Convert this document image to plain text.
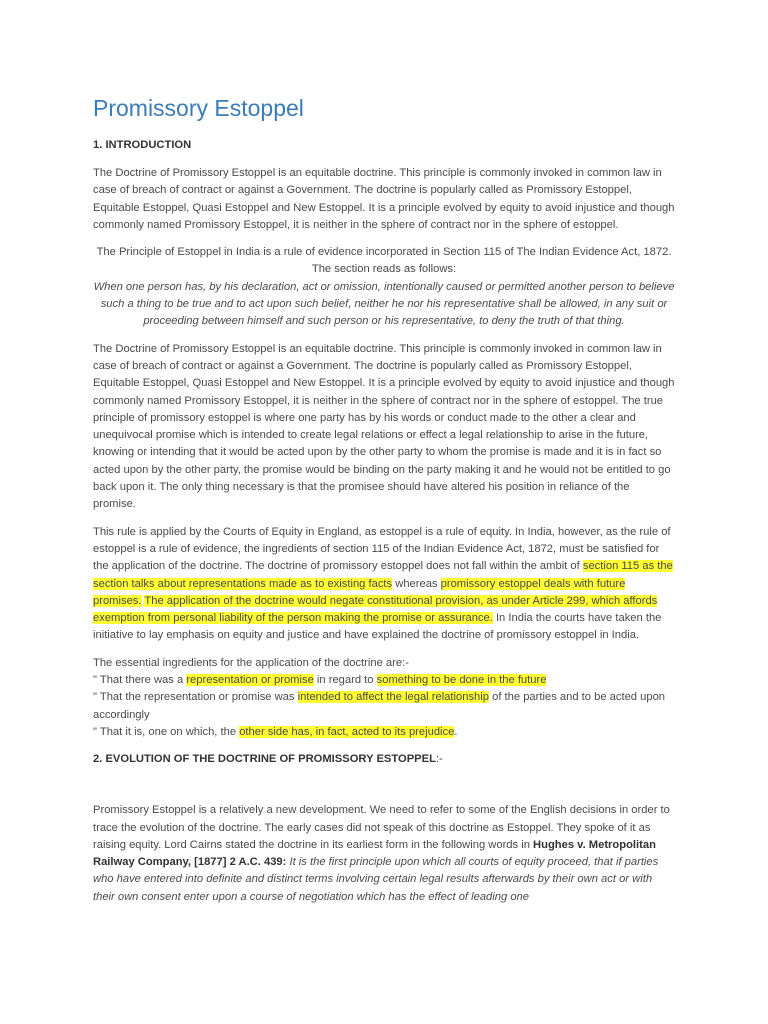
Promissory Estoppel
1. INTRODUCTION

The Doctrine of Promissory Estoppel is an equitable doctrine. This principle is commonly invoked in common law in case of breach of contract or against a Government. The doctrine is popularly called as Promissory Estoppel, Equitable Estoppel, Quasi Estoppel and New Estoppel. It is a principle evolved by equity to avoid injustice and though commonly named Promissory Estoppel, it is neither in the sphere of contract nor in the sphere of estoppel.

The Principle of Estoppel in India is a rule of evidence incorporated in Section 115 of The Indian Evidence Act, 1872. The section reads as follows:
When one person has, by his declaration, act or omission, intentionally caused or permitted another person to believe such a thing to be true and to act upon such belief, neither he nor his representative shall be allowed, in any suit or proceeding between himself and such person or his representative, to deny the truth of that thing.

The Doctrine of Promissory Estoppel is an equitable doctrine. This principle is commonly invoked in common law in case of breach of contract or against a Government. The doctrine is popularly called as Promissory Estoppel, Equitable Estoppel, Quasi Estoppel and New Estoppel. It is a principle evolved by equity to avoid injustice and though commonly named Promissory Estoppel, it is neither in the sphere of contract nor in the sphere of estoppel. The true principle of promissory estoppel is where one party has by his words or conduct made to the other a clear and unequivocal promise which is intended to create legal relations or effect a legal relationship to arise in the future, knowing or intending that it would be acted upon by the other party to whom the promise is made and it is in fact so acted upon by the other party, the promise would be binding on the party making it and he would not be entitled to go back upon it. The only thing necessary is that the promisee should have altered his position in reliance of the promise.

This rule is applied by the Courts of Equity in England, as estoppel is a rule of equity. In India, however, as the rule of estoppel is a rule of evidence, the ingredients of section 115 of the Indian Evidence Act, 1872, must be satisfied for the application of the doctrine. The doctrine of promissory estoppel does not fall within the ambit of section 115 as the section talks about representations made as to existing facts whereas promissory estoppel deals with future promises. The application of the doctrine would negate constitutional provision, as under Article 299, which affords exemption from personal liability of the person making the promise or assurance. In India the courts have taken the initiative to lay emphasis on equity and justice and have explained the doctrine of promissory estoppel in India.

The essential ingredients for the application of the doctrine are:-
" That there was a representation or promise in regard to something to be done in the future
" That the representation or promise was intended to affect the legal relationship of the parties and to be acted upon accordingly
" That it is, one on which, the other side has, in fact, acted to its prejudice.

2. EVOLUTION OF THE DOCTRINE OF PROMISSORY ESTOPPEL:-

Promissory Estoppel is a relatively a new development. We need to refer to some of the English decisions in order to trace the evolution of the doctrine. The early cases did not speak of this doctrine as Estoppel. They spoke of it as raising equity. Lord Cairns stated the doctrine in its earliest form in the following words in Hughes v. Metropolitan Railway Company, [1877] 2 A.C. 439: It is the first principle upon which all courts of equity proceed, that if parties who have entered into definite and distinct terms involving certain legal results afterwards by their own act or with their own consent enter upon a course of negotiation which has the effect of leading one
